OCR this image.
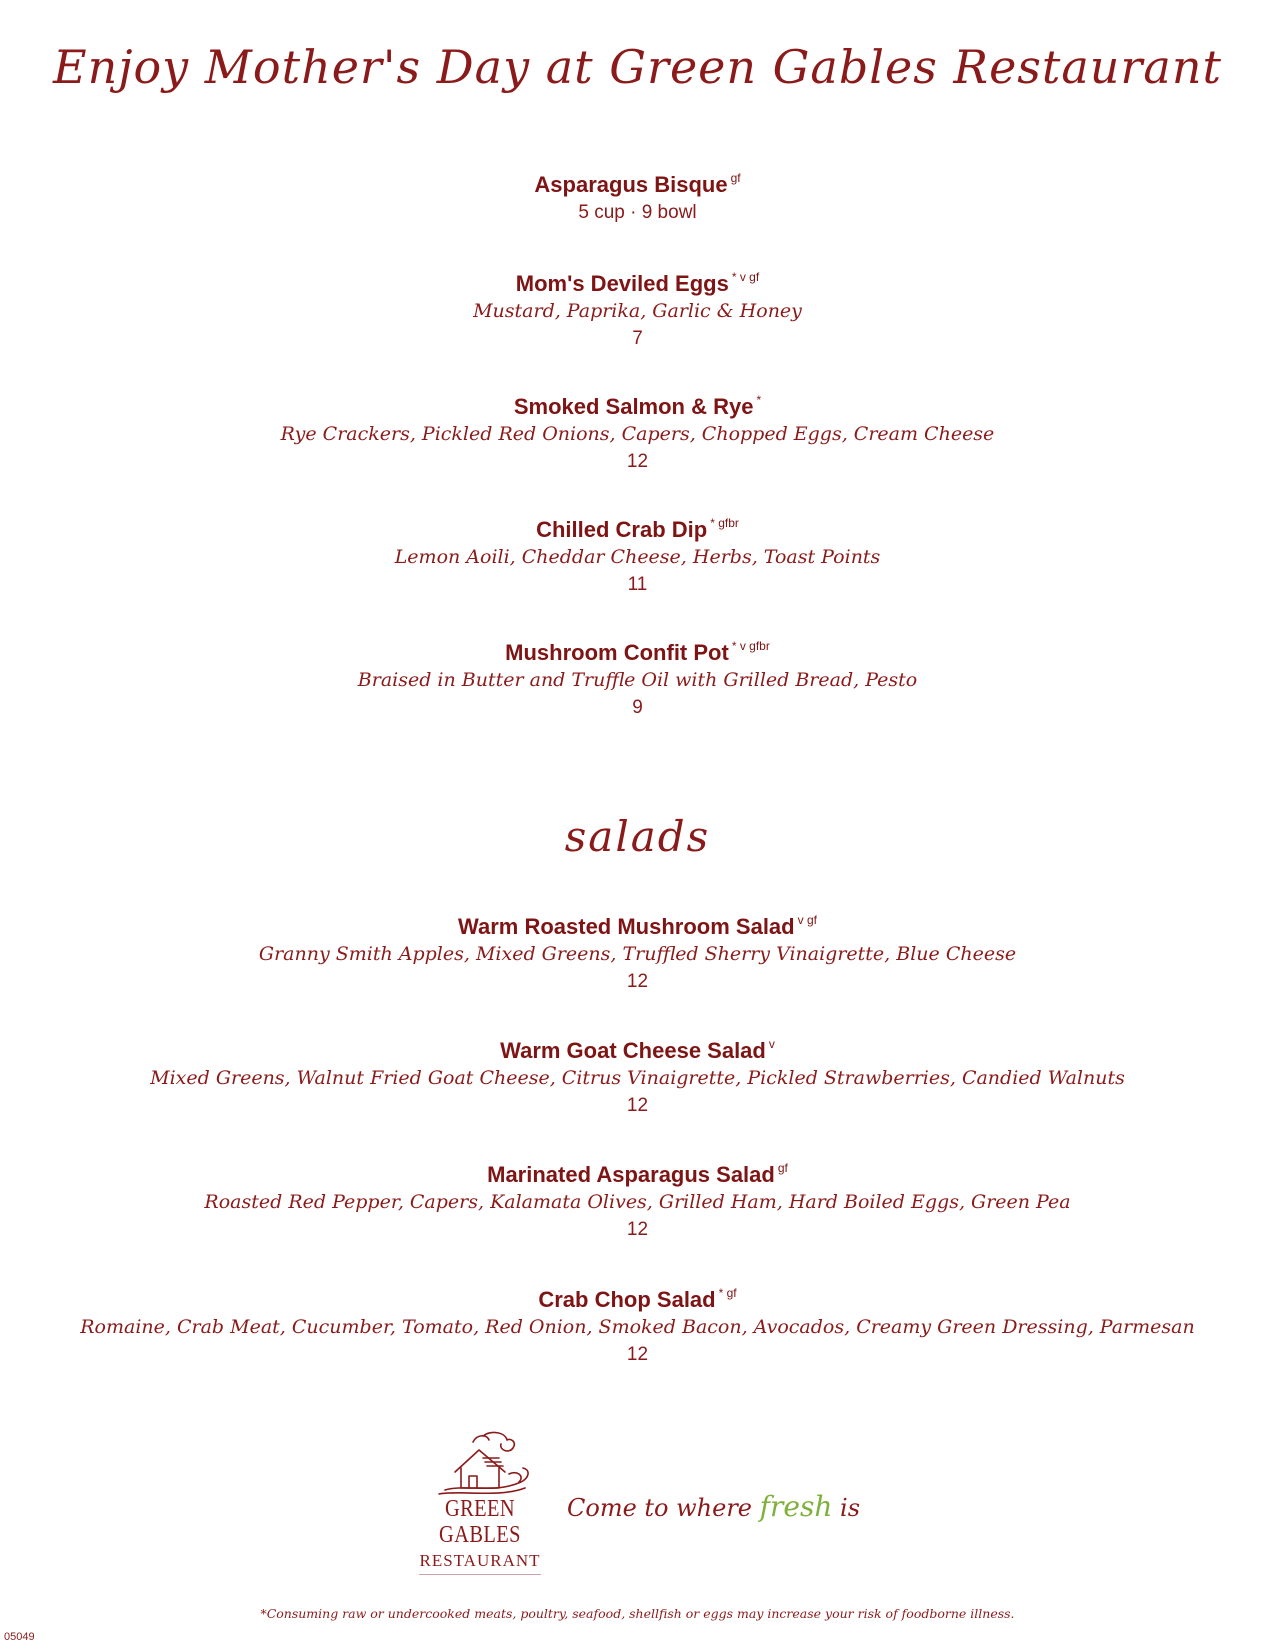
Enjoy Mother's Day at Green Gables Restaurant
Asparagus Bisque $^{gf}$
5 cup · 9 bowl
Mom's Deviled Eggs $^{* v gf}$
Mustard, Paprika, Garlic & Honey
7
Smoked Salmon & Rye *
Rye Crackers, Pickled Red Onions, Capers, Chopped Eggs, Cream Cheese
12
Chilled Crab Dip $^{* gfbr}$
Lemon Aoili, Cheddar Cheese, Herbs, Toast Points
11
Mushroom Confit Pot $^{* v gfbr}$
Braised in Butter and Truffle Oil with Grilled Bread, Pesto
9
salads
Warm Roasted Mushroom Salad $^{v gf}$
Granny Smith Apples, Mixed Greens, Truffled Sherry Vinaigrette, Blue Cheese
12
Warm Goat Cheese Salad $^v$
Mixed Greens, Walnut Fried Goat Cheese, Citrus Vinaigrette, Pickled Strawberries, Candied Walnuts
12
Marinated Asparagus Salad $^{gf}$
Roasted Red Pepper, Capers, Kalamata Olives, Grilled Ham, Hard Boiled Eggs, Green Pea
12
Crab Chop Salad $^{* gf}$
Romaine, Crab Meat, Cucumber, Tomato, Red Onion, Smoked Bacon, Avocados, Creamy Green Dressing, Parmesan
12
GREEN GABLES
RESTAURANT
Come to where fresh is
*Consuming raw or undercooked meats, poultry, seafood, shellfish or eggs may increase your risk of foodborne illness.
05049
